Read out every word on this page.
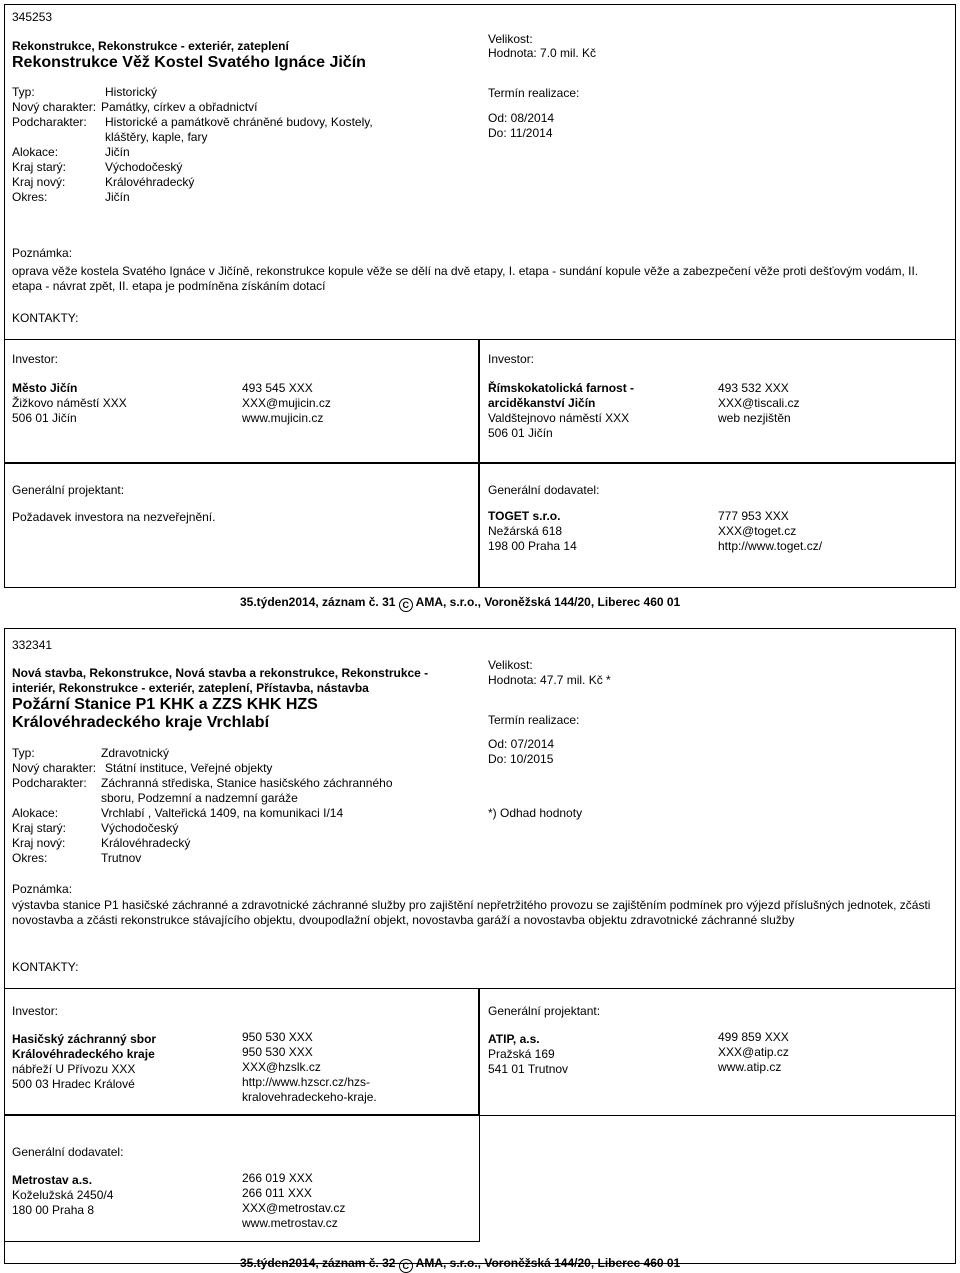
345253
Rekonstrukce, Rekonstrukce - exteriér, zateplení
Rekonstrukce Věž Kostel Svatého Ignáce Jičín
Typ:	Historický
Nový charakter: Památky, církev a obřadnictví
Podcharakter:	Historické a památkově chráněné budovy, Kostely, kláštěry, kaple, fary
Alokace:	Jičín
Kraj starý:	Východočeský
Kraj nový:	Královéhradecký
Okres:	Jičín
Velikost:
Hodnota: 7.0 mil. Kč
Termín realizace:
Od: 08/2014
Do: 11/2014
Poznámka:
oprava věže kostela Svatého Ignáce v Jičíně, rekonstrukce kopule věže se dělí na dvě etapy, I. etapa - sundání kopule věže a zabezpečení věže proti dešťovým vodám, II. etapa - návrat zpět, II. etapa je podmíněna získáním dotací
KONTAKTY:
Investor:
Město Jičín
Žižkovo náměstí XXX
506 01 Jičín
493 545 XXX
XXX@mujicin.cz
www.mujicin.cz
Investor:
Římskokatolická farnost -
arciděkanství Jičín
Valdštejnovo náměstí XXX
506 01 Jičín
493 532 XXX
XXX@tiscali.cz
web nezjištěn
Generální projektant:
Požadavek investora na nezveřejnění.
Generální dodavatel:
TOGET s.r.o.
Nežárská 618
198 00 Praha 14
777 953 XXX
XXX@toget.cz
http://www.toget.cz/
35.týden2014, záznam č. 31 C AMA, s.r.o., Voroněžská 144/20, Liberec 460 01
332341
Nová stavba, Rekonstrukce, Nová stavba a rekonstrukce, Rekonstrukce -
interiér, Rekonstrukce - exteriér, zateplení, Přístavba, nástavba
Požární Stanice P1 KHK a ZZS KHK HZS
Královéhradeckého kraje Vrchlabí
Typ:	Zdravotnický
Nový charakter: Státní instituce, Veřejné objekty
Podcharakter:	Záchranná střediska, Stanice hasičského záchranného sboru, Podzemní a nadzemní garáže
Alokace:	Vrchlabí , Valteřická 1409, na komunikaci I/14
Kraj starý:	Východočeský
Kraj nový:	Královéhradecký
Okres:	Trutnov
Velikost:
Hodnota: 47.7 mil. Kč *
Termín realizace:
Od: 07/2014
Do: 10/2015
*) Odhad hodnoty
Poznámka:
výstavba stanice P1 hasičské záchranné a zdravotnické záchranné služby pro zajištění nepřetržitého provozu se zajištěním podmínek pro výjezd příslušných jednotek, zčásti novostavba a zčásti rekonstrukce stávajícího objektu, dvoupodlažní objekt, novostavba garáží a novostavba objektu zdravotnické záchranné služby
KONTAKTY:
Investor:
Hasičský záchranný sbor
Královéhradeckého kraje
nábřeží U Přívozu XXX
500 03 Hradec Králové
950 530 XXX
950 530 XXX
XXX@hzslk.cz
http://www.hzscr.cz/hzs-
kralovehradeckeho-kraje.
Generální projektant:
ATIP, a.s.
Pražská 169
541 01 Trutnov
499 859 XXX
XXX@atip.cz
www.atip.cz
Generální dodavatel:
Metrostav a.s.
Koželužská 2450/4
180 00 Praha 8
266 019 XXX
266 011 XXX
XXX@metrostav.cz
www.metrostav.cz
35.týden2014, záznam č. 32 C AMA, s.r.o., Voroněžská 144/20, Liberec 460 01
